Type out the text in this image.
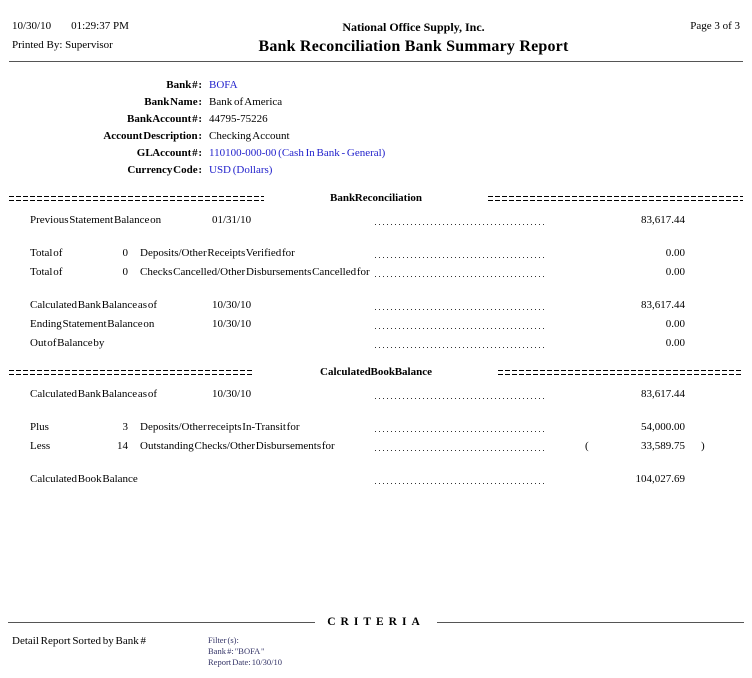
10/30/10 01:29:37 PM
Printed By: Supervisor
National Office Supply, Inc.
Bank Reconciliation Bank Summary Report
Page 3 of 3
Bank # : BOFA
Bank Name : Bank of America
Bank Account # : 44795-75226
Account Description : Checking Account
GL Account # : 110100-000-00 (Cash In Bank - General)
Currency Code : USD (Dollars)
Bank Reconciliation
Previous Statement Balance on	01/31/10	83,617.44
Total of	0 Deposits/Other Receipts Verified for	0.00
Total of	0 Checks Cancelled/Other Disbursements Cancelled for	0.00
Calculated Bank Balance as of	10/30/10	83,617.44
Ending Statement Balance on	10/30/10	0.00
Out of Balance by	0.00
Calculated Book Balance
Calculated Bank Balance as of	10/30/10	83,617.44
Plus	3 Deposits/Other receipts In-Transit for	54,000.00
Less	14 Outstanding Checks/Other Disbursements for	(	33,589.75 )
Calculated Book Balance	104,027.69
CRITERIA
Detail Report Sorted by Bank #	Filter (s):
Bank #: "BOFA "
Report Date: 10/30/10
